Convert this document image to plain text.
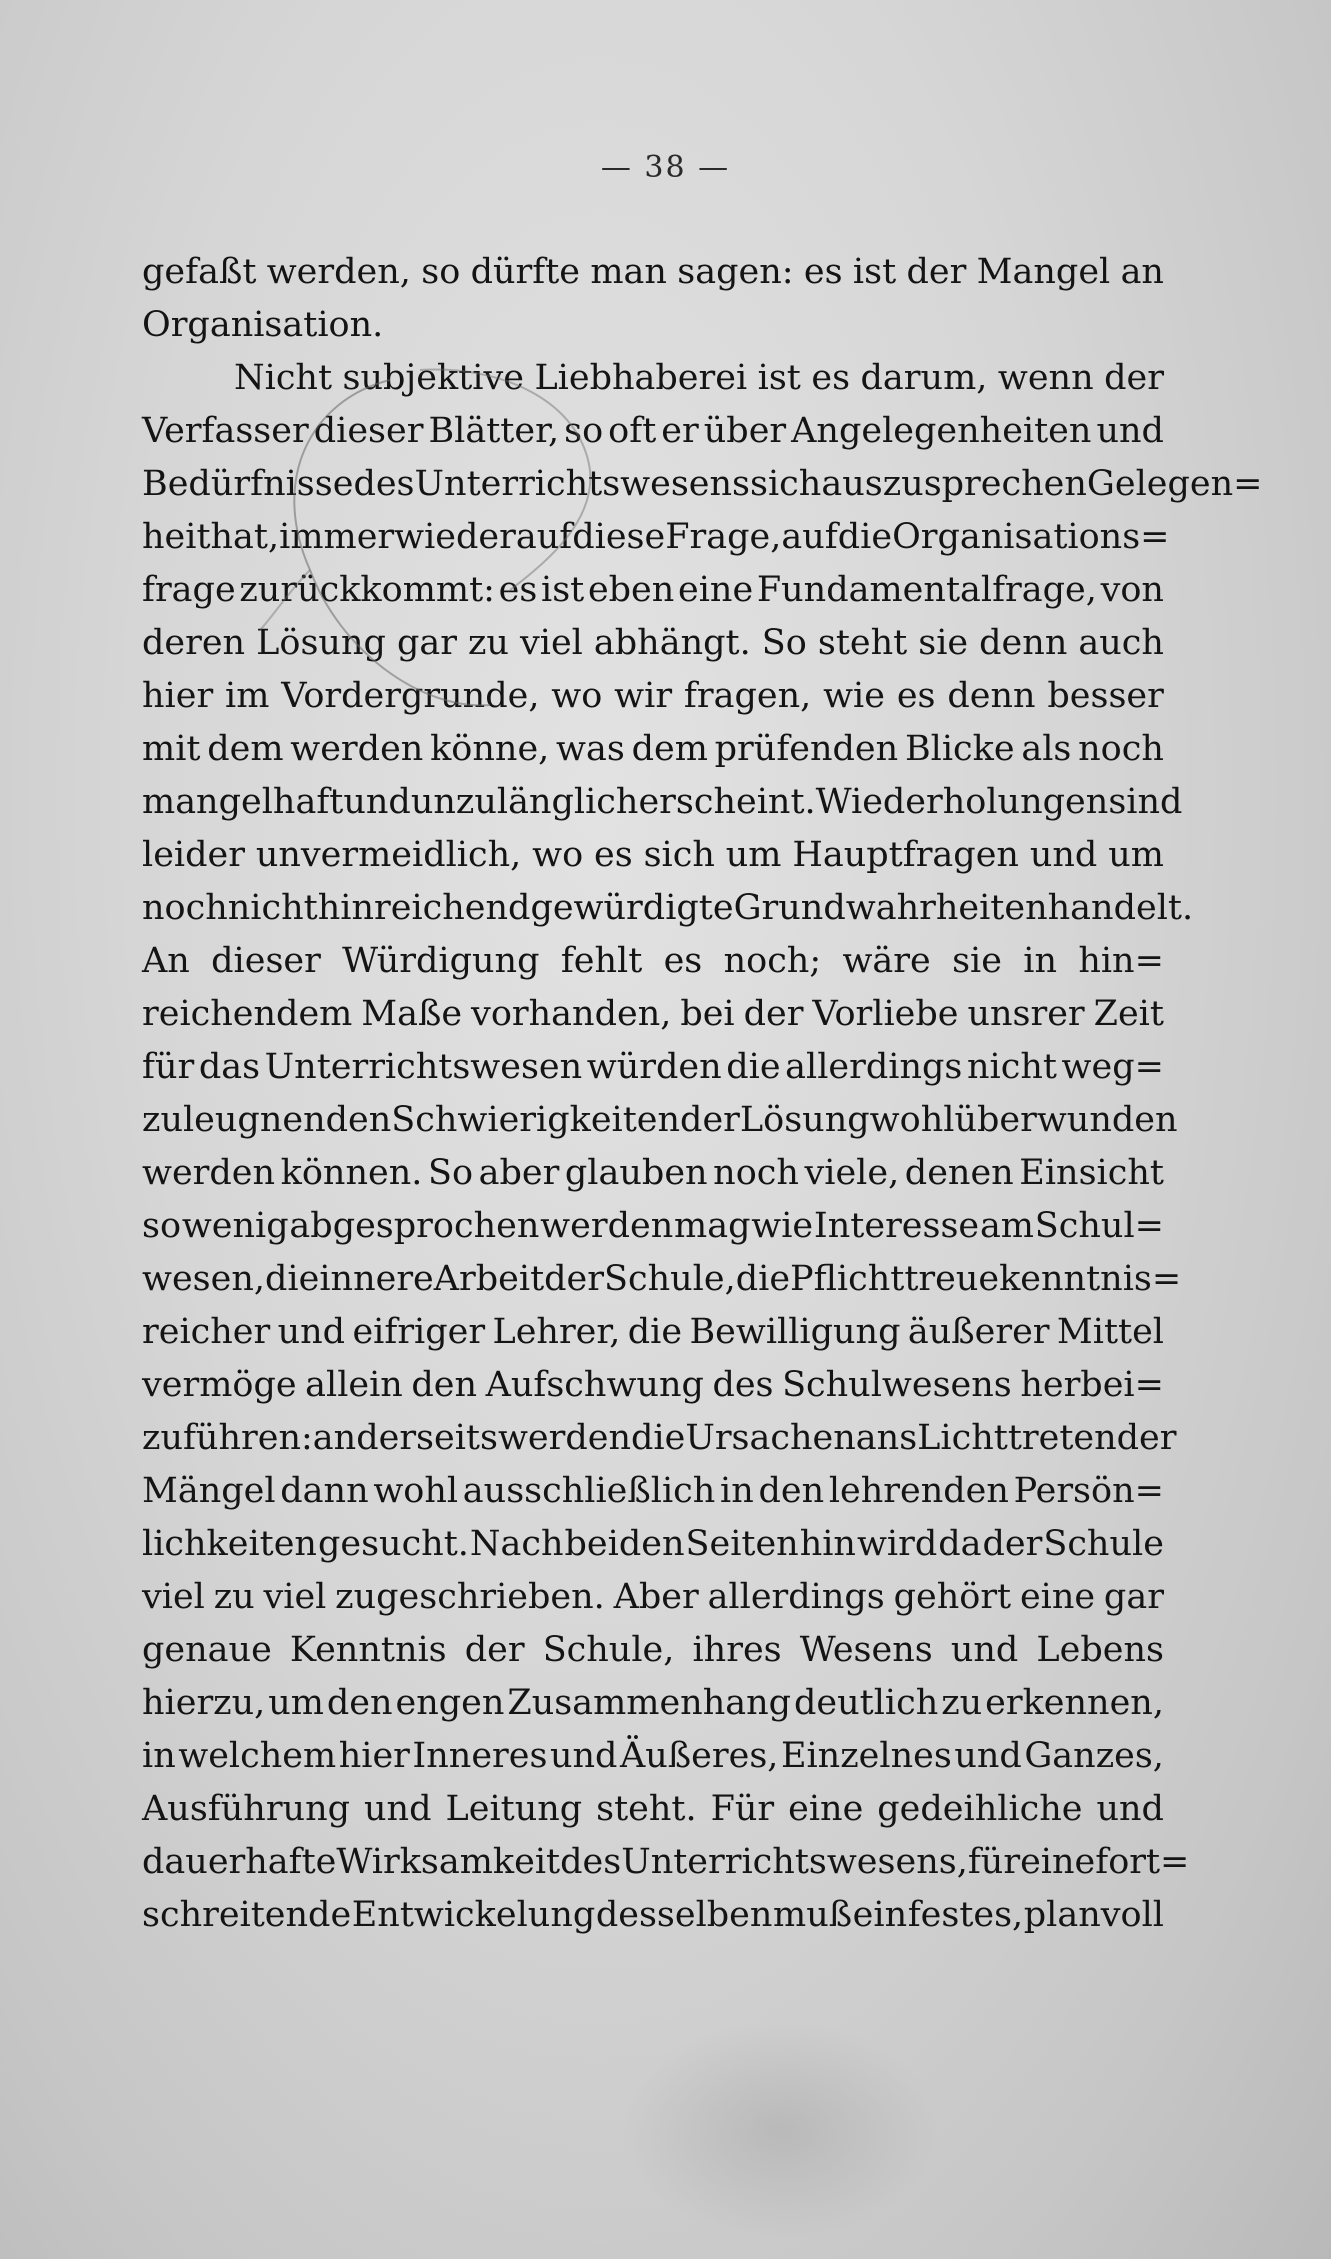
— 38 —
gefaßt werden, so dürfte man sagen: es ist der Mangel an
Organisation.
Nicht subjektive Liebhaberei ist es darum, wenn der
Verfasser dieser Blätter, so oft er über Angelegenheiten und
Bedürfnisse des Unterrichtswesens sich auszusprechen Gelegen=
heit hat, immer wieder auf diese Frage, auf die Organisations=
frage zurückkommt: es ist eben eine Fundamentalfrage, von
deren Lösung gar zu viel abhängt. So steht sie denn auch
hier im Vordergrunde, wo wir fragen, wie es denn besser
mit dem werden könne, was dem prüfenden Blicke als noch
mangelhaft und unzulänglich erscheint. Wiederholungen sind
leider unvermeidlich, wo es sich um Hauptfragen und um
noch nicht hinreichend gewürdigte Grundwahrheiten handelt.
An dieser Würdigung fehlt es noch; wäre sie in hin=
reichendem Maße vorhanden, bei der Vorliebe unsrer Zeit
für das Unterrichtswesen würden die allerdings nicht weg=
zuleugnenden Schwierigkeiten der Lösung wohl überwunden
werden können. So aber glauben noch viele, denen Einsicht
so wenig abgesprochen werden mag wie Interesse am Schul=
wesen, die innere Arbeit der Schule, die Pflichttreue kenntnis=
reicher und eifriger Lehrer, die Bewilligung äußerer Mittel
vermöge allein den Aufschwung des Schulwesens herbei=
zuführen: anderseits werden die Ursachen ans Licht tretender
Mängel dann wohl ausschließlich in den lehrenden Persön=
lichkeiten gesucht. Nach beiden Seiten hin wird da der Schule
viel zu viel zugeschrieben. Aber allerdings gehört eine gar
genaue Kenntnis der Schule, ihres Wesens und Lebens
hierzu, um den engen Zusammenhang deutlich zu erkennen,
in welchem hier Inneres und Äußeres, Einzelnes und Ganzes,
Ausführung und Leitung steht. Für eine gedeihliche und
dauerhafte Wirksamkeit des Unterrichtswesens, für eine fort=
schreitende Entwickelung desselben muß ein festes, planvoll
